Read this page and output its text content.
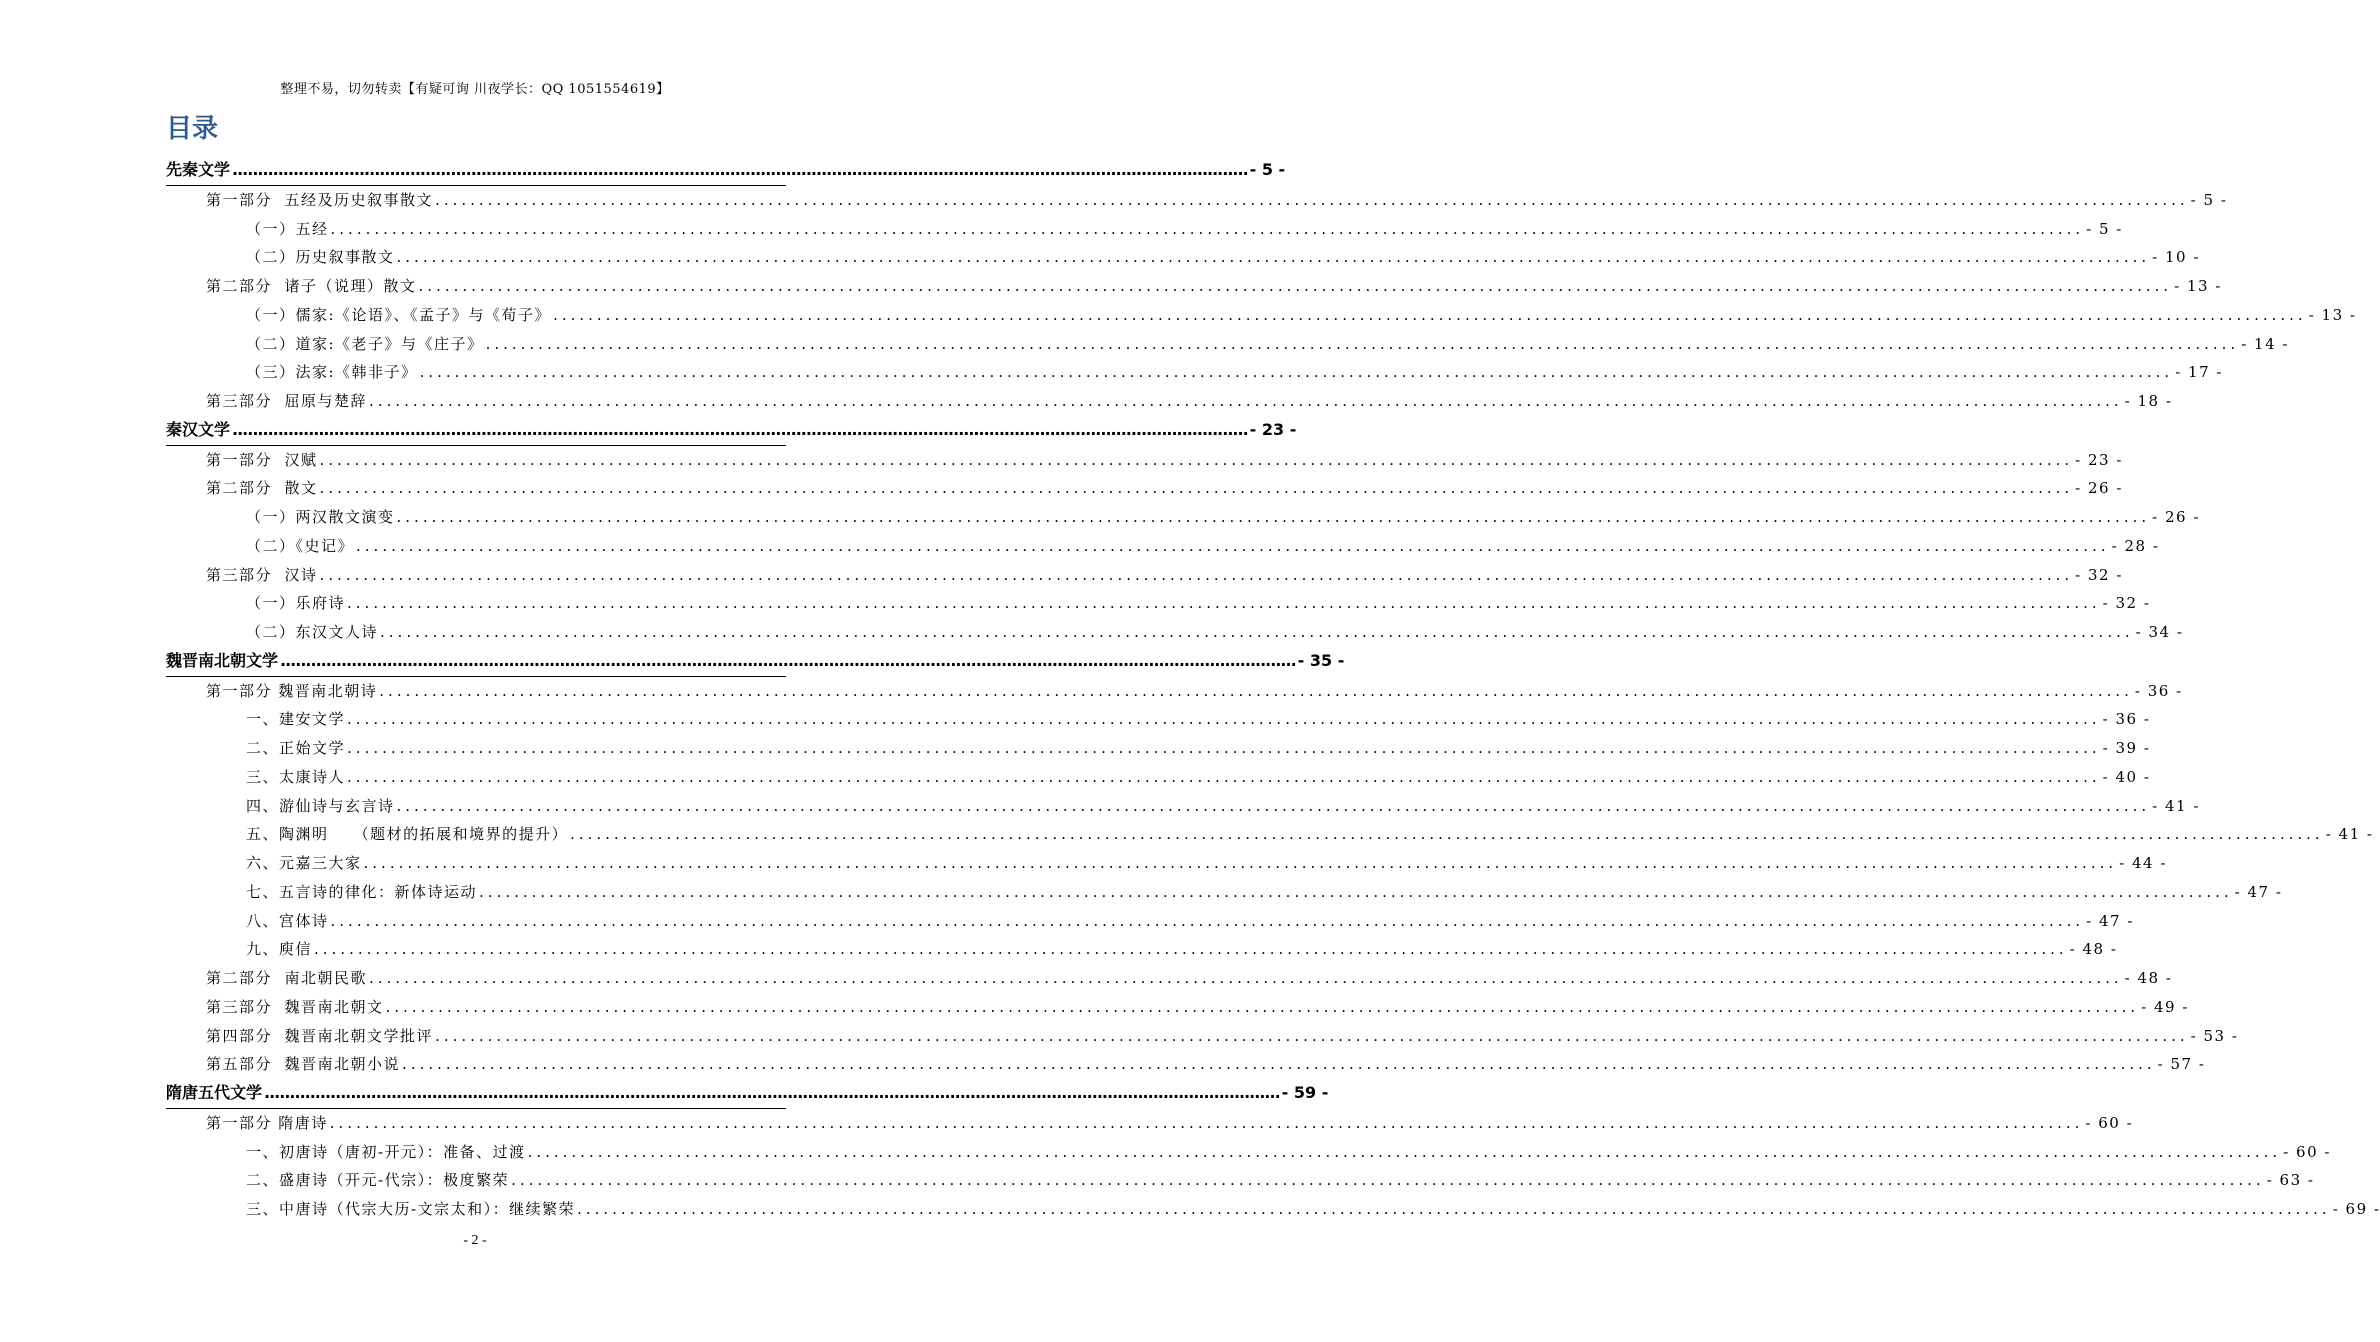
整理不易，切勿转卖【有疑可询 川夜学长：QQ 1051554619】
目录
先秦文学 ........................................................................................................................................................................................................ - 5 -
第一部分  五经及历史叙事散文 ........................................................................................................................................................................................................ - 5 -
（一）五经 ........................................................................................................................................................................................................ - 5 -
（二）历史叙事散文 ........................................................................................................................................................................................................ - 10 -
第二部分  诸子（说理）散文 ........................................................................................................................................................................................................ - 13 -
（一）儒家:《论语》、《孟子》与《荀子》 ........................................................................................................................................................................................................ - 13 -
（二）道家:《老子》与《庄子》 ........................................................................................................................................................................................................ - 14 -
（三）法家:《韩非子》 ........................................................................................................................................................................................................ - 17 -
第三部分  屈原与楚辞 ........................................................................................................................................................................................................ - 18 -
秦汉文学 ........................................................................................................................................................................................................ - 23 -
第一部分  汉赋 ........................................................................................................................................................................................................ - 23 -
第二部分  散文 ........................................................................................................................................................................................................ - 26 -
（一）两汉散文演变 ........................................................................................................................................................................................................ - 26 -
（二）《史记》 ........................................................................................................................................................................................................ - 28 -
第三部分  汉诗 ........................................................................................................................................................................................................ - 32 -
（一）乐府诗 ........................................................................................................................................................................................................ - 32 -
（二）东汉文人诗 ........................................................................................................................................................................................................ - 34 -
魏晋南北朝文学 ........................................................................................................................................................................................................ - 35 -
第一部分 魏晋南北朝诗 ........................................................................................................................................................................................................ - 36 -
一、建安文学 ........................................................................................................................................................................................................ - 36 -
二、正始文学 ........................................................................................................................................................................................................ - 39 -
三、太康诗人 ........................................................................................................................................................................................................ - 40 -
四、游仙诗与玄言诗 ........................................................................................................................................................................................................ - 41 -
五、陶渊明    （题材的拓展和境界的提升） ........................................................................................................................................................................................................ - 41 -
六、元嘉三大家 ........................................................................................................................................................................................................ - 44 -
七、五言诗的律化：新体诗运动 ........................................................................................................................................................................................................ - 47 -
八、宫体诗 ........................................................................................................................................................................................................ - 47 -
九、庾信 ........................................................................................................................................................................................................ - 48 -
第二部分  南北朝民歌 ........................................................................................................................................................................................................ - 48 -
第三部分  魏晋南北朝文 ........................................................................................................................................................................................................ - 49 -
第四部分  魏晋南北朝文学批评 ........................................................................................................................................................................................................ - 53 -
第五部分  魏晋南北朝小说 ........................................................................................................................................................................................................ - 57 -
隋唐五代文学 ........................................................................................................................................................................................................ - 59 -
第一部分 隋唐诗 ........................................................................................................................................................................................................ - 60 -
一、初唐诗（唐初-开元）：准备、过渡 ........................................................................................................................................................................................................ - 60 -
二、盛唐诗（开元-代宗）：极度繁荣 ........................................................................................................................................................................................................ - 63 -
三、中唐诗（代宗大历-文宗太和）：继续繁荣 ........................................................................................................................................................................................................ - 69 -
- 2 -
